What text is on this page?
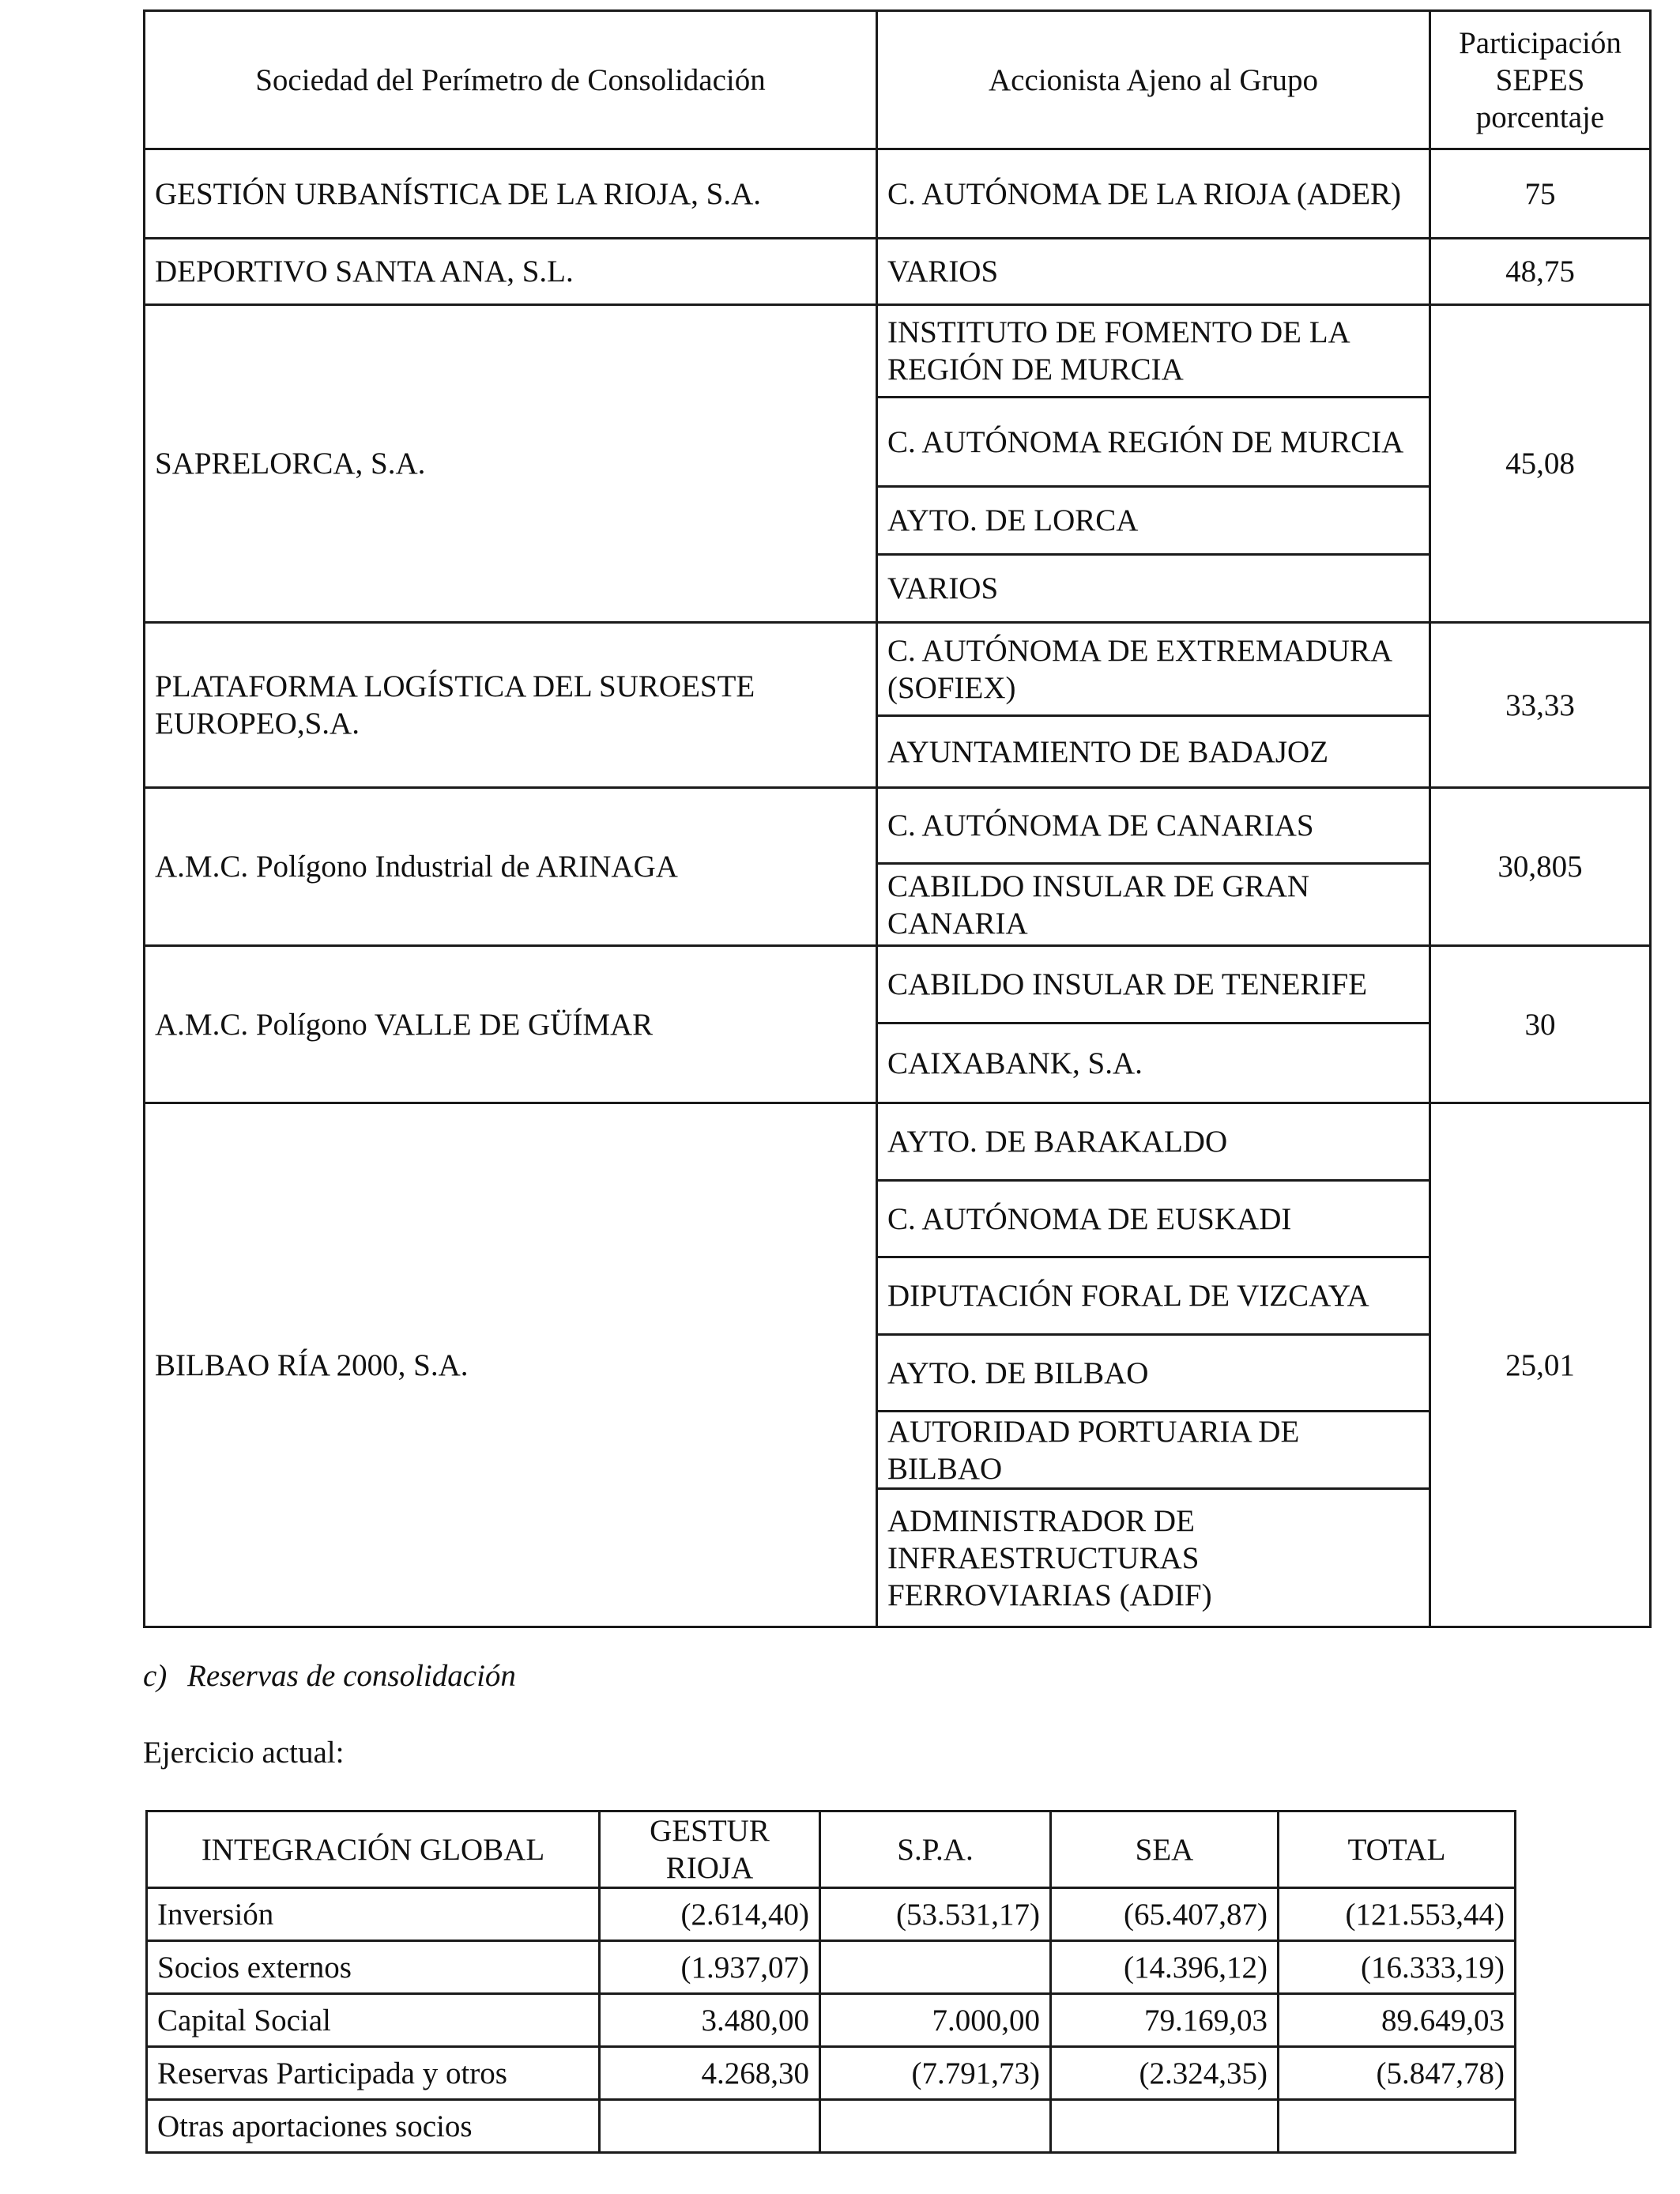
Sociedad del Perímetro de Consolidación	Accionista Ajeno al Grupo	Participación SEPES porcentaje
GESTIÓN URBANÍSTICA DE LA RIOJA, S.A.	C. AUTÓNOMA DE LA RIOJA (ADER)	75
DEPORTIVO SANTA ANA, S.L.	VARIOS	48,75
SAPRELORCA, S.A.	INSTITUTO DE FOMENTO DE LA REGIÓN DE MURCIA	45,08
	C. AUTÓNOMA REGIÓN DE MURCIA	
	AYTO. DE LORCA	
	VARIOS	
PLATAFORMA LOGÍSTICA DEL SUROESTE EUROPEO,S.A.	C. AUTÓNOMA DE EXTREMADURA (SOFIEX)	33,33
	AYUNTAMIENTO DE BADAJOZ	
A.M.C. Polígono Industrial de ARINAGA	C. AUTÓNOMA DE CANARIAS	30,805
	CABILDO INSULAR DE GRAN CANARIA	
A.M.C. Polígono VALLE DE GÜÍMAR	CABILDO INSULAR DE TENERIFE	30
	CAIXABANK, S.A.	
BILBAO RÍA 2000, S.A.	AYTO. DE BARAKALDO	25,01
	C. AUTÓNOMA DE EUSKADI	
	DIPUTACIÓN FORAL DE VIZCAYA	
	AYTO. DE BILBAO	
	AUTORIDAD PORTUARIA DE BILBAO	
	ADMINISTRADOR DE INFRAESTRUCTURAS FERROVIARIAS (ADIF)	
c) Reservas de consolidación
Ejercicio actual:
INTEGRACIÓN GLOBAL	GESTUR RIOJA	S.P.A.	SEA	TOTAL
Inversión	(2.614,40)	(53.531,17)	(65.407,87)	(121.553,44)
Socios externos	(1.937,07)		(14.396,12)	(16.333,19)
Capital Social	3.480,00	7.000,00	79.169,03	89.649,03
Reservas Participada y otros	4.268,30	(7.791,73)	(2.324,35)	(5.847,78)
Otras aportaciones socios				
